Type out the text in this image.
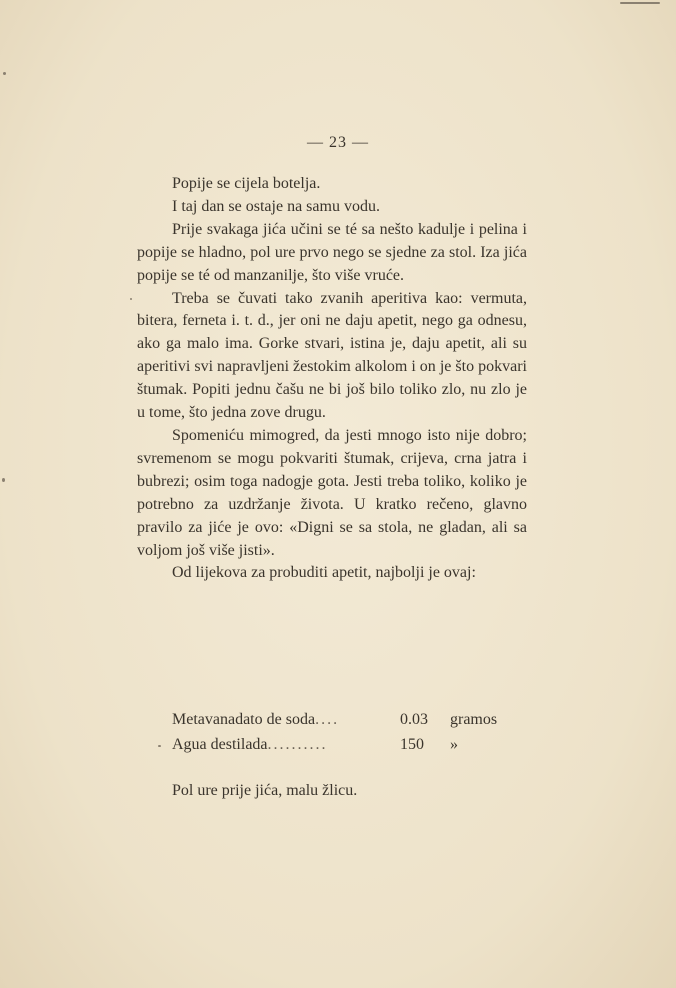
— 23 —

Popije se cijela botelja.

I taj dan se ostaje na samu vodu.

Prije svakaga jića učini se té sa nešto kadulje i pelina i popije se hladno, pol ure prvo nego se sjedne za stol. Iza jića popije se té od manzanilje, što više vruće.

Treba se čuvati tako zvanih aperitiva kao: vermuta, bitera, ferneta i. t. d., jer oni ne daju apetit, nego ga odnesu, ako ga malo ima. Gorke stvari, istina je, daju apetit, ali su aperitivi svi napravljeni žestokim alkolom i on je što pokvari štumak. Popiti jednu čašu ne bi još bilo toliko zlo, nu zlo je u tome, što jedna zove drugu.

Spomeniću mimogred, da jesti mnogo isto nije dobro; svremenom se mogu pokvariti štumak, crijeva, crna jatra i bubrezi; osim toga nadogje gota. Jesti treba toliko, koliko je potrebno za uzdržanje života. U kratko rečeno, glavno pravilo za jiće je ovo: «Digni se sa stola, ne gladan, ali sa voljom još više jisti».

Od lijekova za probuditi apetit, najbolji je ovaj:

Metavanadato de soda ....	0.03 gramos
Agua destilada ..........	150 »
Pol ure prije jića, malu žlicu.
